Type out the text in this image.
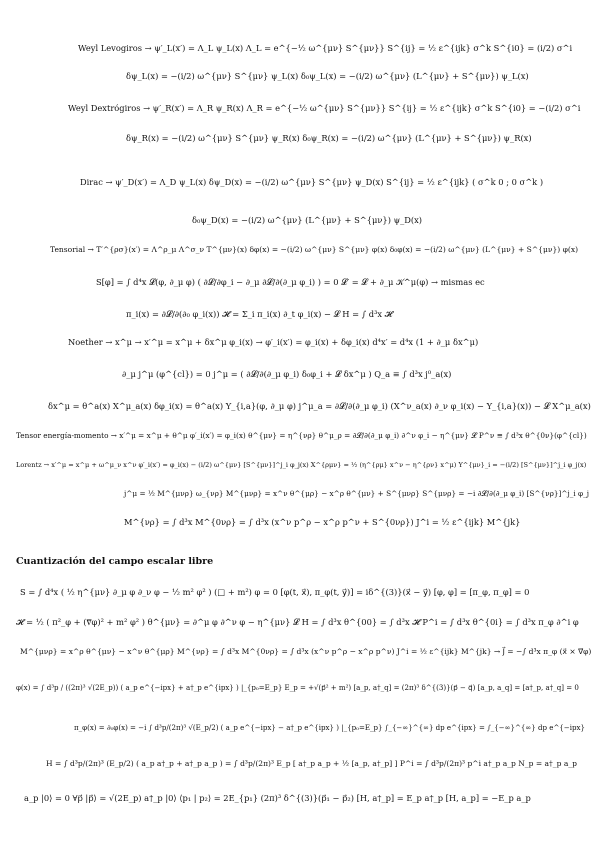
Weyl Levogiros → ψ′_L(x′) = Λ_L ψ_L(x) Λ_L = e^{−½ ω^{μν} S^{μν}} S^{ij} = ½ ε^{ijk} σ^k S^{i0} = (i/2) σ^i
δψ_L(x) = −(i/2) ω^{μν} S^{μν} ψ_L(x) δ₀ψ_L(x) = −(i/2) ω^{μν} (L^{μν} + S^{μν}) ψ_L(x)
Weyl Dextrógiros → ψ′_R(x′) = Λ_R ψ_R(x) Λ_R = e^{−½ ω^{μν} S^{μν}} S^{ij} = ½ ε^{ijk} σ^k S^{i0} = −(i/2) σ^i
δψ_R(x) = −(i/2) ω^{μν} S^{μν} ψ_R(x) δ₀ψ_R(x) = −(i/2) ω^{μν} (L^{μν} + S^{μν}) ψ_R(x)
Dirac → ψ′_D(x′) = Λ_D ψ_L(x) δψ_D(x) = −(i/2) ω^{μν} S^{μν} ψ_D(x) S^{ij} = ½ ε^{ijk} ( σ^k 0 ; 0 σ^k )
δ₀ψ_D(x) = −(i/2) ω^{μν} (L^{μν} + S^{μν}) ψ_D(x)
Tensorial → T′^{ρσ}(x′) = Λ^ρ_μ Λ^σ_ν T^{μν}(x) δφ(x) = −(i/2) ω^{μν} S^{μν} φ(x) δ₀φ(x) = −(i/2) ω^{μν} (L^{μν} + S^{μν}) φ(x)
S[φ] = ∫ d⁴x 𝓛(φ, ∂_μ φ) ( ∂𝓛/∂φ_i − ∂_μ ∂𝓛/∂(∂_μ φ_i) ) = 0 𝓛′ = 𝓛 + ∂_μ 𝒦^μ(φ) → mismas ec
π_i(x) = ∂𝓛/∂(∂₀ φ_i(x)) 𝓗 = Σ_i π_i(x) ∂_t φ_i(x) − 𝓛 H = ∫ d³x 𝓗
Noether → x^μ → x′^μ = x^μ + δx^μ φ_i(x) → φ′_i(x′) = φ_i(x) + δφ_i(x) d⁴x′ = d⁴x (1 + ∂_μ δx^μ)
∂_μ j^μ (φ^{cl}) = 0 j^μ = ( ∂𝓛/∂(∂_μ φ_i) δ₀φ_i + 𝓛 δx^μ ) Q_a ≡ ∫ d³x j⁰_a(x)
δx^μ = θ^a(x) X^μ_a(x) δφ_i(x) = θ^a(x) Y_{i,a}(φ, ∂_μ φ) j^μ_a = ∂𝓛/∂(∂_μ φ_i) (X^ν_a(x) ∂_ν φ_i(x) − Y_{i,a}(x)) − 𝓛 X^μ_a(x)
Tensor energía-momento → x′^μ = x^μ + θ^μ φ′_i(x′) = φ_i(x) θ^{μν} = η^{νρ} θ^μ_ρ = ∂𝓛/∂(∂_μ φ_i) ∂^ν φ_i − η^{μν} 𝓛 P^ν ≡ ∫ d³x θ^{0ν}(φ^{cl})
Lorentz → x′^μ = x^μ + ω^μ_ν x^ν φ′_i(x′) = φ_i(x) − (i/2) ω^{μν} [S^{μν}]^j_i φ_j(x) X^{ρμν} = ½ (η^{ρμ} x^ν − η^{ρν} x^μ) Y^{μν}_i = −(i/2) [S^{μν}]^j_i φ_j(x)
j^μ = ½ M^{μνρ} ω_{νρ} M^{μνρ} = x^ν θ^{μρ} − x^ρ θ^{μν} + S^{μνρ} S^{μνρ} = −i ∂𝓛/∂(∂_μ φ_i) [S^{νρ}]^j_i φ_j
M^{νρ} = ∫ d³x M^{0νρ} = ∫ d³x (x^ν p^ρ − x^ρ p^ν + S^{0νρ}) J^i = ½ ε^{ijk} M^{jk}
Cuantización del campo escalar libre
S = ∫ d⁴x ( ½ η^{μν} ∂_μ φ ∂_ν φ − ½ m² φ² ) (□ + m²) φ = 0 [φ(t, x⃗), π_φ(t, y⃗)] = iδ^{(3)}(x⃗ − y⃗) [φ, φ] = [π_φ, π_φ] = 0
𝓗 = ½ ( π²_φ + (∇⃗φ)² + m² φ² ) θ^{μν} = ∂^μ φ ∂^ν φ − η^{μν} 𝓛 H = ∫ d³x θ^{00} = ∫ d³x 𝓗 P^i = ∫ d³x θ^{0i} = ∫ d³x π_φ ∂^i φ
M^{μνρ} = x^ρ θ^{μν} − x^ν θ^{μρ} M^{νρ} = ∫ d³x M^{0νρ} = ∫ d³x (x^ν p^ρ − x^ρ p^ν) J^i = ½ ε^{ijk} M^{jk} → J⃗ = −∫ d³x π_φ (x⃗ × ∇⃗φ)
φ(x) = ∫ d³p / ((2π)³ √(2E_p)) ( a_p e^{−ipx} + a†_p e^{ipx} ) |_{p₀=E_p} E_p = +√(p⃗² + m²) [a_p, a†_q] = (2π)³ δ^{(3)}(p⃗ − q⃗) [a_p, a_q] = [a†_p, a†_q] = 0
π_φ(x) = ∂₀φ(x) = −i ∫ d³p/(2π)³ √(E_p/2) ( a_p e^{−ipx} − a†_p e^{ipx} ) |_{p₀=E_p} ∫_{−∞}^{∞} dp e^{ipx} = ∫_{−∞}^{∞} dp e^{−ipx}
H = ∫ d³p/(2π)³ (E_p/2) ( a_p a†_p + a†_p a_p ) = ∫ d³p/(2π)³ E_p [ a†_p a_p + ½ [a_p, a†_p] ] P^i = ∫ d³p/(2π)³ p^i a†_p a_p N_p = a†_p a_p
a_p |0⟩ = 0 ∀p⃗ |p⃗⟩ = √(2E_p) a†_p |0⟩ ⟨p₁ | p₂⟩ = 2E_{p₁} (2π)³ δ^{(3)}(p⃗₁ − p⃗₂) [H, a†_p] = E_p a†_p [H, a_p] = −E_p a_p
